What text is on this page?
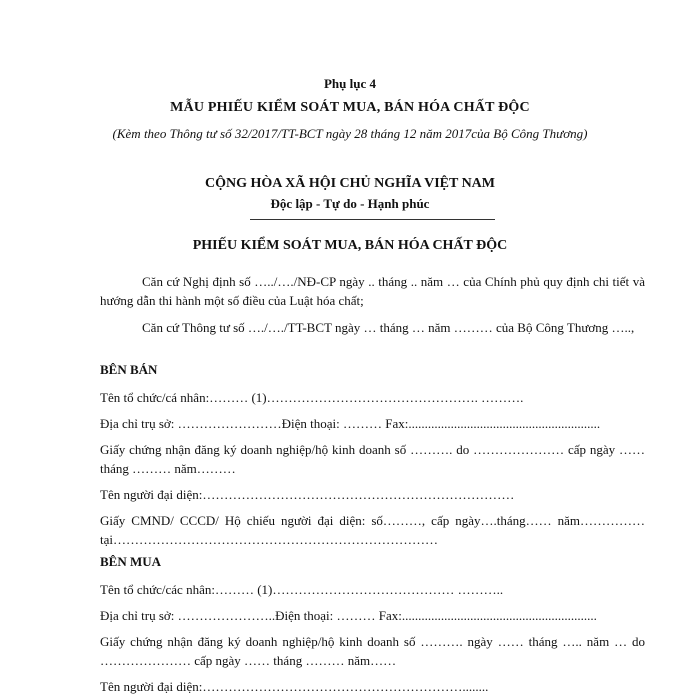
Phụ lục 4
MẪU PHIẾU KIỂM SOÁT MUA, BÁN HÓA CHẤT ĐỘC
(Kèm theo Thông tư số 32/2017/TT-BCT ngày 28 tháng 12 năm 2017của Bộ Công Thương)
CỘNG HÒA XÃ HỘI CHỦ NGHĨA VIỆT NAM
Độc lập - Tự do - Hạnh phúc
PHIẾU KIỂM SOÁT MUA, BÁN HÓA CHẤT ĐỘC
Căn cứ Nghị định số …../…./NĐ-CP ngày .. tháng .. năm … của Chính phủ quy định chi tiết và hướng dẫn thi hành một số điều của Luật hóa chất;
Căn cứ Thông tư số …./…./TT-BCT ngày … tháng … năm ……… của Bộ Công Thương …..,
BÊN BÁN
Tên tổ chức/cá nhân:……… (1)…………………………………………. ……….
Địa chỉ trụ sở: ……………………Điện thoại: ……… Fax:...........................................................
Giấy chứng nhận đăng ký doanh nghiệp/hộ kinh doanh số ………. do ………………… cấp ngày …… tháng ……… năm………
Tên người đại diện:………………………………………………………………
Giấy CMND/ CCCD/ Hộ chiếu người đại diện: số………, cấp ngày….tháng…… năm…………… tại…………………………………………………………………
BÊN MUA
Tên tổ chức/các nhân:……… (1)…………………………………… ………..
Địa chỉ trụ sở: …………………..Điện thoại: ……… Fax:............................................................
Giấy chứng nhận đăng ký doanh nghiệp/hộ kinh doanh số ………. ngày …… tháng ….. năm … do ………………… cấp ngày …… tháng ……… năm……
Tên người đại diện:……………………………………………………........
